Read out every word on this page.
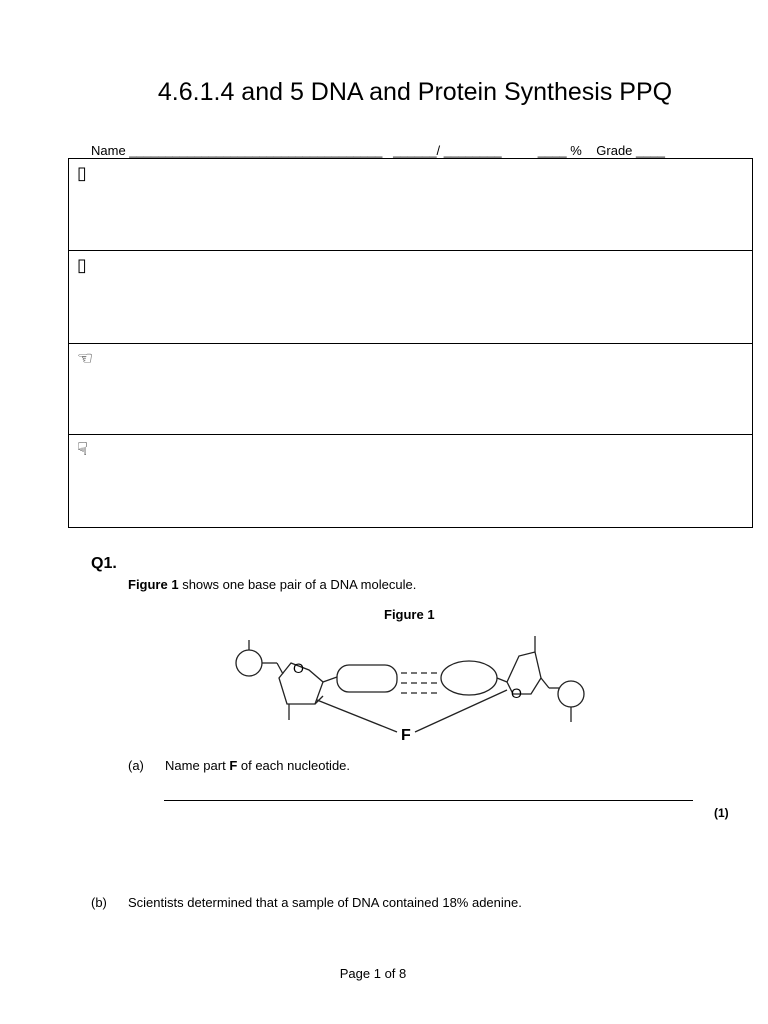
4.6.1.4 and 5 DNA and Protein Synthesis PPQ
Name ___________________________________   ______/ ________          ____ %    Grade ____
▯
▯
☜
☟
Q1.
Figure 1 shows one base pair of a DNA molecule.
Figure 1
O
O
F
(a) Name part F of each nucleotide.
(1)
(b) Scientists determined that a sample of DNA contained 18% adenine.
Page 1 of 8
